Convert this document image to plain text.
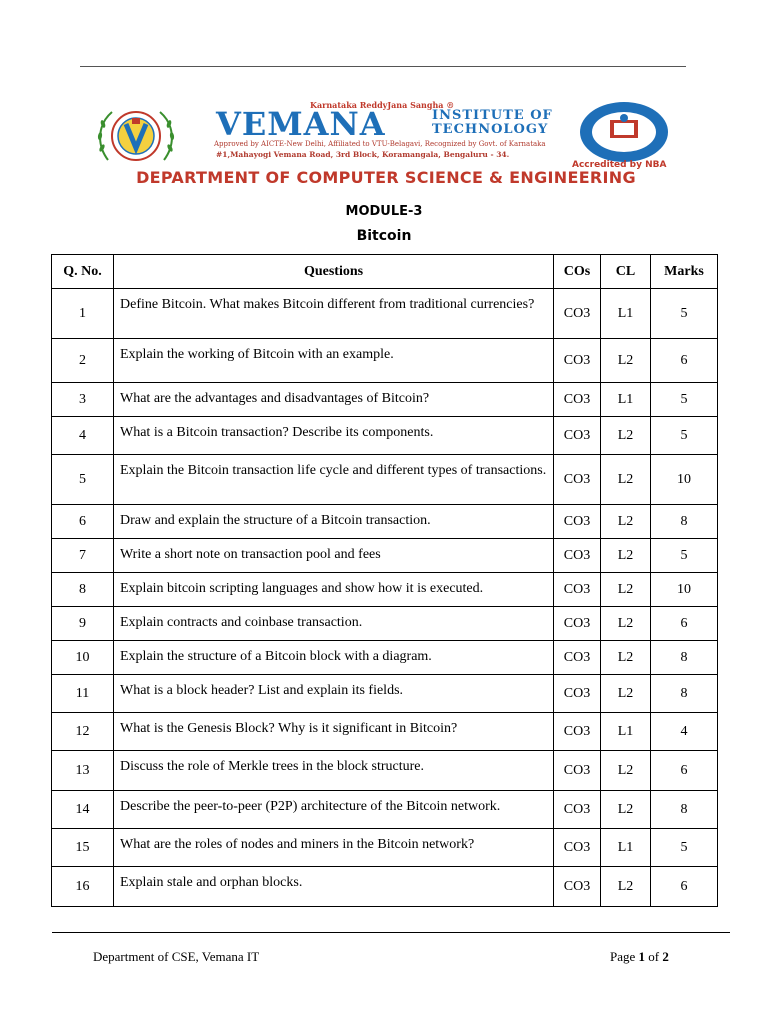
Karnataka ReddyJana Sangha ®
VEMANA	INSTITUTE OF
TECHNOLOGY
Approved by AICTE-New Delhi, Affiliated to VTU-Belagavi, Recognized by Govt. of Karnataka
#1,Mahayogi Vemana Road, 3rd Block, Koramangala, Bengaluru - 34.
Accredited by NBA
DEPARTMENT OF COMPUTER SCIENCE & ENGINEERING
MODULE-3
Bitcoin
Q. No.	Questions	COs	CL	Marks
1	Define Bitcoin. What makes Bitcoin different from traditional currencies?	CO3	L1	5
2	Explain the working of Bitcoin with an example.	CO3	L2	6
3	What are the advantages and disadvantages of Bitcoin?	CO3	L1	5
4	What is a Bitcoin transaction? Describe its components.	CO3	L2	5
5	Explain the Bitcoin transaction life cycle and different types of transactions.	CO3	L2	10
6	Draw and explain the structure of a Bitcoin transaction.	CO3	L2	8
7	Write a short note on transaction pool and fees	CO3	L2	5
8	Explain bitcoin scripting languages and show how it is executed.	CO3	L2	10
9	Explain contracts and coinbase transaction.	CO3	L2	6
10	Explain the structure of a Bitcoin block with a diagram.	CO3	L2	8
11	What is a block header? List and explain its fields.	CO3	L2	8
12	What is the Genesis Block? Why is it significant in Bitcoin?	CO3	L1	4
13	Discuss the role of Merkle trees in the block structure.	CO3	L2	6
14	Describe the peer-to-peer (P2P) architecture of the Bitcoin network.	CO3	L2	8
15	What are the roles of nodes and miners in the Bitcoin network?	CO3	L1	5
16	Explain stale and orphan blocks.	CO3	L2	6
Department of CSE, Vemana IT	Page 1 of 2
